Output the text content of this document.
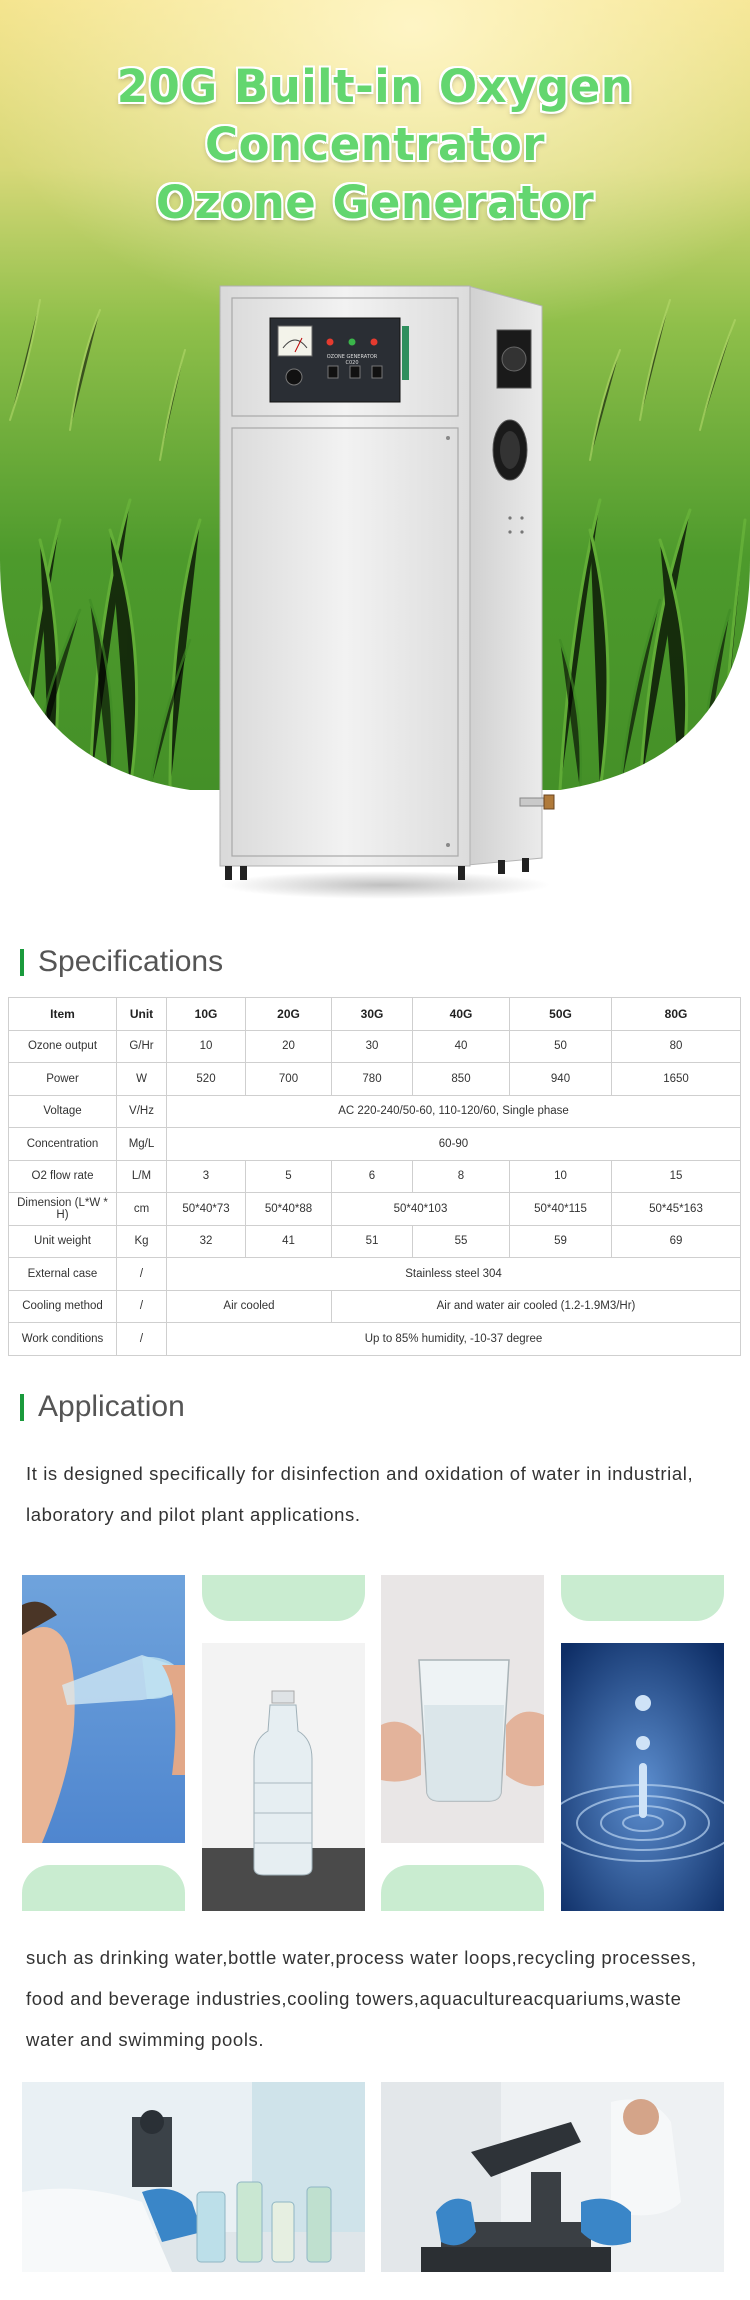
20G Built-in Oxygen Concentrator
Ozone Generator
OZONE GENERATOR
C020
Specifications
Item	Unit	10G	20G	30G	40G	50G	80G
Ozone output	G/Hr	10	20	30	40	50	80
Power	W	520	700	780	850	940	1650
Voltage	V/Hz	AC 220-240/50-60, 110-120/60, Single phase					
Concentration	Mg/L	60-90					
O2 flow rate	L/M	3	5	6	8	10	15
Dimension (L*W * H)	cm	50*40*73	50*40*88	50*40*103		50*40*115	50*45*163
Unit weight	Kg	32	41	51	55	59	69
External case	/	Stainless steel 304					
Cooling method	/	Air cooled		Air and water air cooled (1.2-1.9M3/Hr)			
Work conditions	/	Up to 85% humidity, -10-37 degree					
Application
It is designed specifically for disinfection and oxidation of water in industrial, laboratory and pilot plant applications.
such as drinking water,bottle water,process water loops,recycling processes, food and beverage industries,cooling towers,aquacultureacquariums,waste water and swimming pools.
